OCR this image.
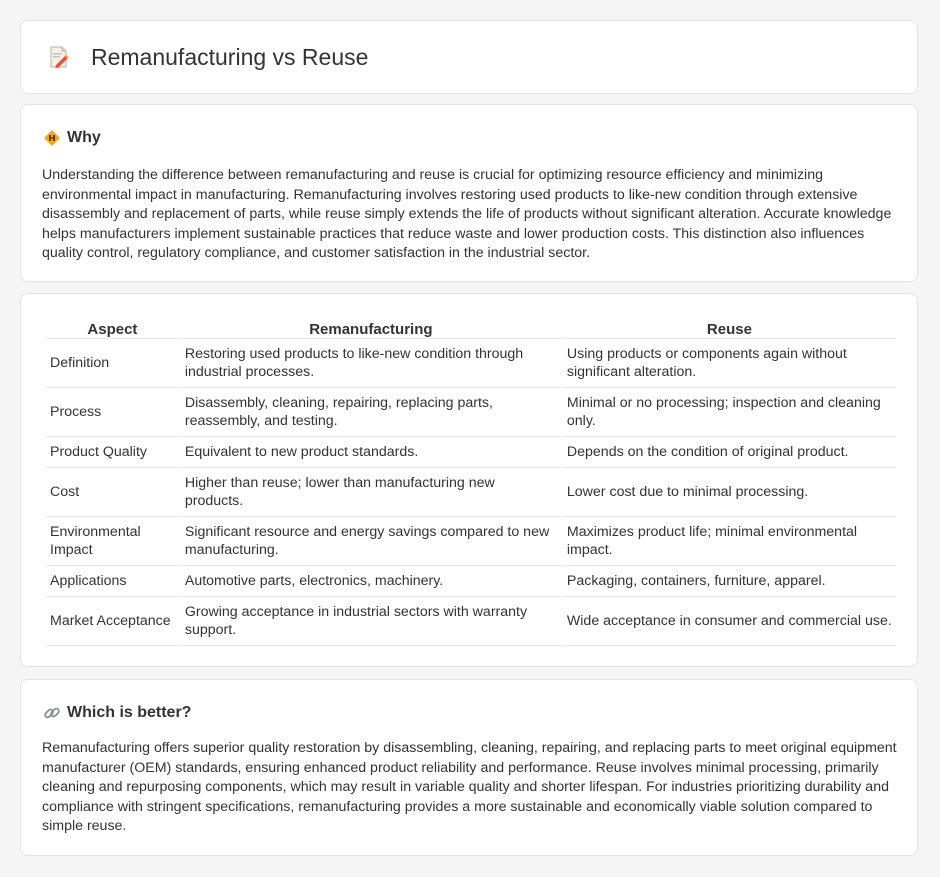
Remanufacturing vs Reuse
Why

Understanding the difference between remanufacturing and reuse is crucial for optimizing resource efficiency and minimizing environmental impact in manufacturing. Remanufacturing involves restoring used products to like-new condition through extensive disassembly and replacement of parts, while reuse simply extends the life of products without significant alteration. Accurate knowledge helps manufacturers implement sustainable practices that reduce waste and lower production costs. This distinction also influences quality control, regulatory compliance, and customer satisfaction in the industrial sector.

Aspect	Remanufacturing	Reuse
Definition	Restoring used products to like-new condition through industrial processes.	Using products or components again without significant alteration.
Process	Disassembly, cleaning, repairing, replacing parts, reassembly, and testing.	Minimal or no processing; inspection and cleaning only.
Product Quality	Equivalent to new product standards.	Depends on the condition of original product.
Cost	Higher than reuse; lower than manufacturing new products.	Lower cost due to minimal processing.
Environmental Impact	Significant resource and energy savings compared to new manufacturing.	Maximizes product life; minimal environmental impact.
Applications	Automotive parts, electronics, machinery.	Packaging, containers, furniture, apparel.
Market Acceptance	Growing acceptance in industrial sectors with warranty support.	Wide acceptance in consumer and commercial use.
Which is better?

Remanufacturing offers superior quality restoration by disassembling, cleaning, repairing, and replacing parts to meet original equipment manufacturer (OEM) standards, ensuring enhanced product reliability and performance. Reuse involves minimal processing, primarily cleaning and repurposing components, which may result in variable quality and shorter lifespan. For industries prioritizing durability and compliance with stringent specifications, remanufacturing provides a more sustainable and economically viable solution compared to simple reuse.
